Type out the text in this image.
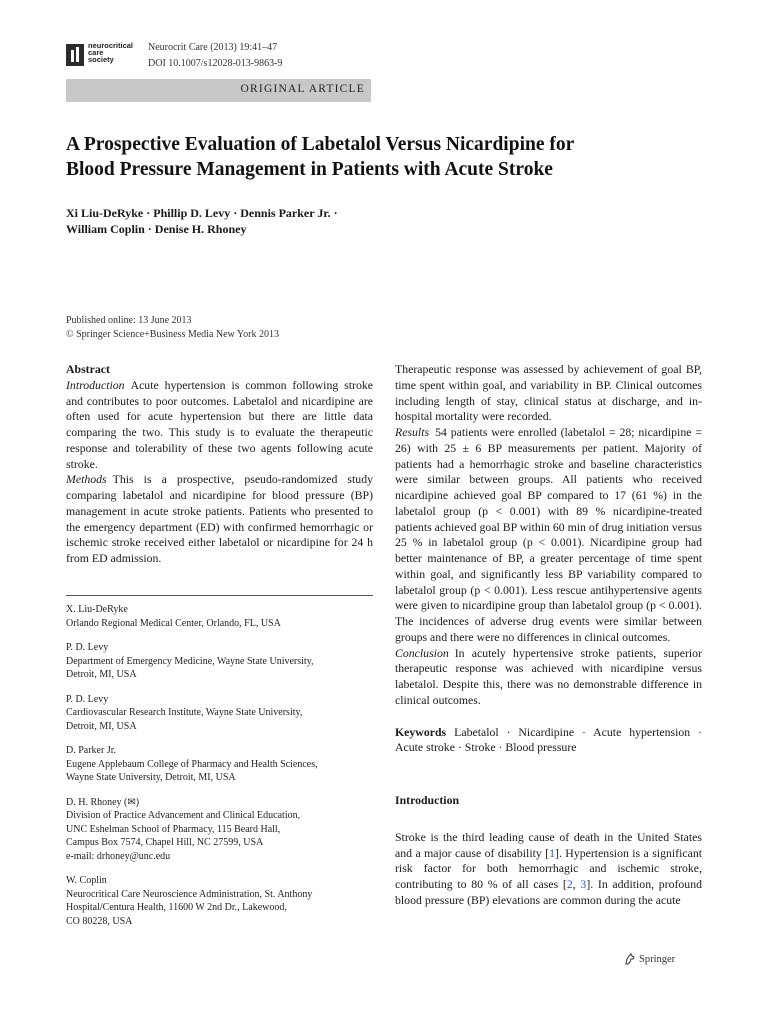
neurocritical
care
society
Neurocrit Care (2013) 19:41–47
DOI 10.1007/s12028-013-9863-9
ORIGINAL ARTICLE
A Prospective Evaluation of Labetalol Versus Nicardipine for
Blood Pressure Management in Patients with Acute Stroke
Xi Liu-DeRyke · Phillip D. Levy · Dennis Parker Jr. ·
William Coplin · Denise H. Rhoney
Published online: 13 June 2013
© Springer Science+Business Media New York 2013

Abstract

Introduction Acute hypertension is common following stroke and contributes to poor outcomes. Labetalol and nicardipine are often used for acute hypertension but there are little data comparing the two. This study is to evaluate the therapeutic response and tolerability of these two agents following acute stroke.

Methods This is a prospective, pseudo-randomized study comparing labetalol and nicardipine for blood pressure (BP) management in acute stroke patients. Patients who presented to the emergency department (ED) with confirmed hemorrhagic or ischemic stroke received either labetalol or nicardipine for 24 h from ED admission.

X. Liu-DeRyke
Orlando Regional Medical Center, Orlando, FL, USA
P. D. Levy
Department of Emergency Medicine, Wayne State University,
Detroit, MI, USA
P. D. Levy
Cardiovascular Research Institute, Wayne State University,
Detroit, MI, USA
D. Parker Jr.
Eugene Applebaum College of Pharmacy and Health Sciences,
Wayne State University, Detroit, MI, USA
D. H. Rhoney (✉)
Division of Practice Advancement and Clinical Education,
UNC Eshelman School of Pharmacy, 115 Beard Hall,
Campus Box 7574, Chapel Hill, NC 27599, USA
e-mail: drhoney@unc.edu
W. Coplin
Neurocritical Care Neuroscience Administration, St. Anthony
Hospital/Centura Health, 11600 W 2nd Dr., Lakewood,
CO 80228, USA

Therapeutic response was assessed by achievement of goal BP, time spent within goal, and variability in BP. Clinical outcomes including length of stay, clinical status at discharge, and in-hospital mortality were recorded.

Results 54 patients were enrolled (labetalol = 28; nicardipine = 26) with 25 ± 6 BP measurements per patient. Majority of patients had a hemorrhagic stroke and baseline characteristics were similar between groups. All patients who received nicardipine achieved goal BP compared to 17 (61 %) in the labetalol group (p < 0.001) with 89 % nicardipine-treated patients achieved goal BP within 60 min of drug initiation versus 25 % in labetalol group (p < 0.001). Nicardipine group had better maintenance of BP, a greater percentage of time spent within goal, and significantly less BP variability compared to labetalol group (p < 0.001). Less rescue antihypertensive agents were given to nicardipine group than labetalol group (p < 0.001). The incidences of adverse drug events were similar between groups and there were no differences in clinical outcomes.

Conclusion In acutely hypertensive stroke patients, superior therapeutic response was achieved with nicardipine versus labetalol. Despite this, there was no demonstrable difference in clinical outcomes.

Keywords Labetalol · Nicardipine · Acute hypertension · Acute stroke · Stroke · Blood pressure

Introduction

Stroke is the third leading cause of death in the United States and a major cause of disability [1]. Hypertension is a significant risk factor for both hemorrhagic and ischemic stroke, contributing to 80 % of all cases [2, 3]. In addition, profound blood pressure (BP) elevations are common during the acute

Springer
